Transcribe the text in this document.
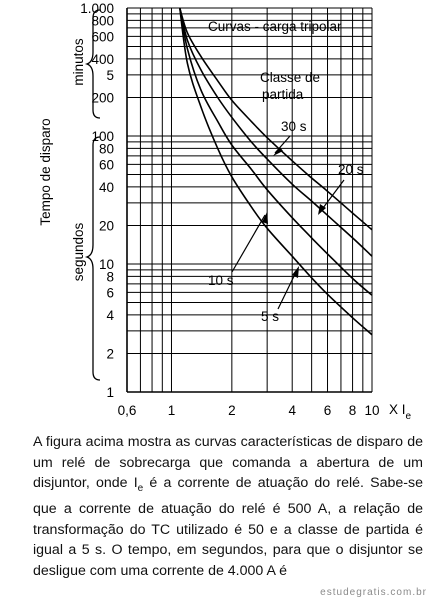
1
2
4
6
8
10
20
40
60
80
100
200
5
400
600
800
1.000
0,6 1	2	4 6 8 10
Curvas - carga tripolar
Classe de
partida
30 s
20 s
10 s
5 s
X $I_e$
Tempo de disparo
minutos
segundos
A figura acima mostra as curvas características de disparo de um relé de sobrecarga que comanda a abertura de um disjuntor, onde $I_e$ é a corrente de atuação do relé. Sabe-se que a corrente de atuação do relé é 500 A, a relação de transformação do TC utilizado é 50 e a classe de partida é igual a 5 s. O tempo, em segundos, para que o disjuntor se desligue com uma corrente de 4.000 A é
estudegratis.com.br
